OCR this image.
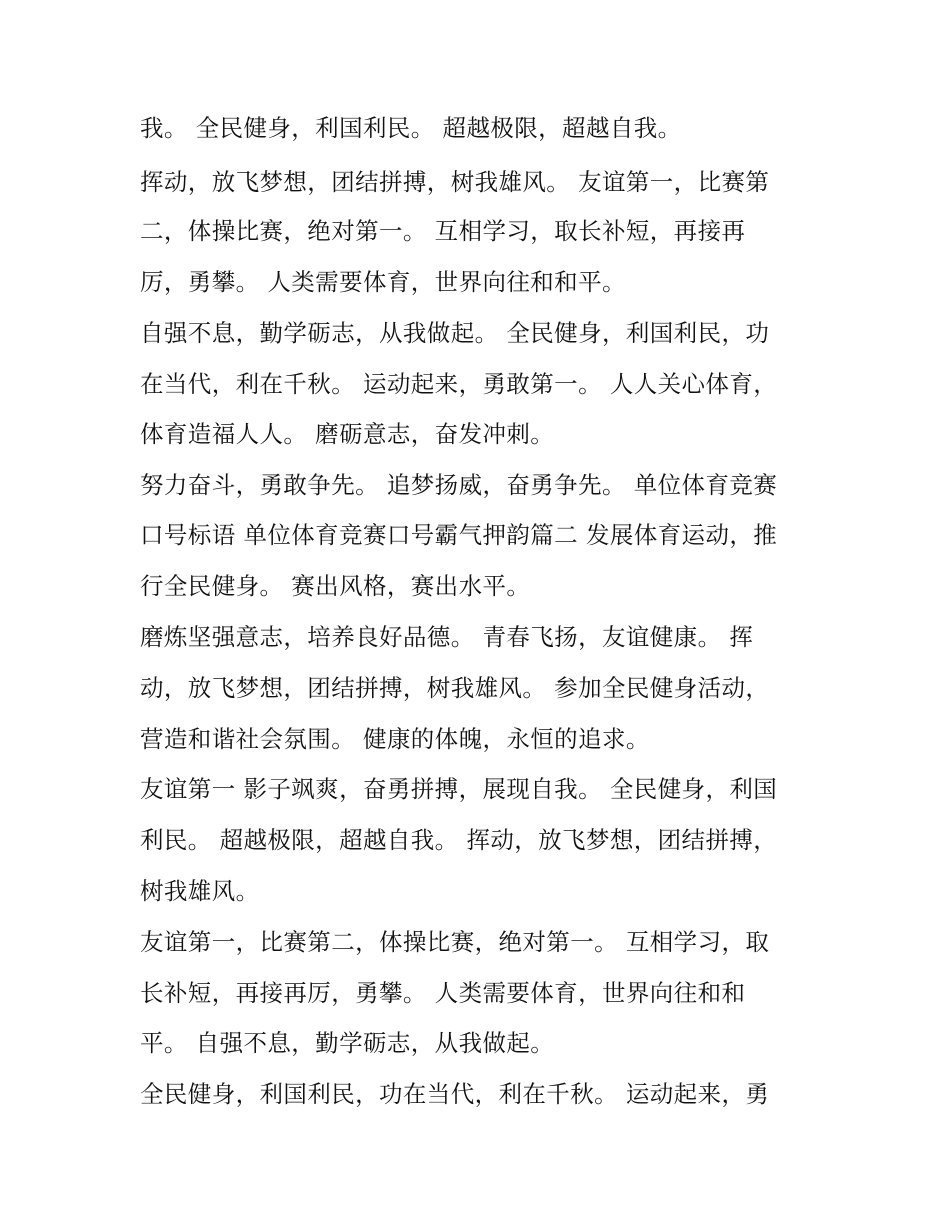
我。 全民健身，利国利民。 超越极限，超越自我。
挥动，放飞梦想，团结拼搏，树我雄风。 友谊第一，比赛第
二，体操比赛，绝对第一。 互相学习，取长补短，再接再
厉，勇攀。 人类需要体育，世界向往和和平。
自强不息，勤学砺志，从我做起。 全民健身，利国利民，功
在当代，利在千秋。 运动起来，勇敢第一。 人人关心体育，
体育造福人人。 磨砺意志，奋发冲刺。
努力奋斗，勇敢争先。 追梦扬威，奋勇争先。 单位体育竞赛
口号标语 单位体育竞赛口号霸气押韵篇二 发展体育运动，推
行全民健身。 赛出风格，赛出水平。
磨炼坚强意志，培养良好品德。 青春飞扬，友谊健康。 挥
动，放飞梦想，团结拼搏，树我雄风。 参加全民健身活动，
营造和谐社会氛围。 健康的体魄，永恒的追求。
友谊第一 影子飒爽，奋勇拼搏，展现自我。 全民健身，利国
利民。 超越极限，超越自我。 挥动，放飞梦想，团结拼搏，
树我雄风。
友谊第一，比赛第二，体操比赛，绝对第一。 互相学习，取
长补短，再接再厉，勇攀。 人类需要体育，世界向往和和
平。 自强不息，勤学砺志，从我做起。
全民健身，利国利民，功在当代，利在千秋。 运动起来，勇
